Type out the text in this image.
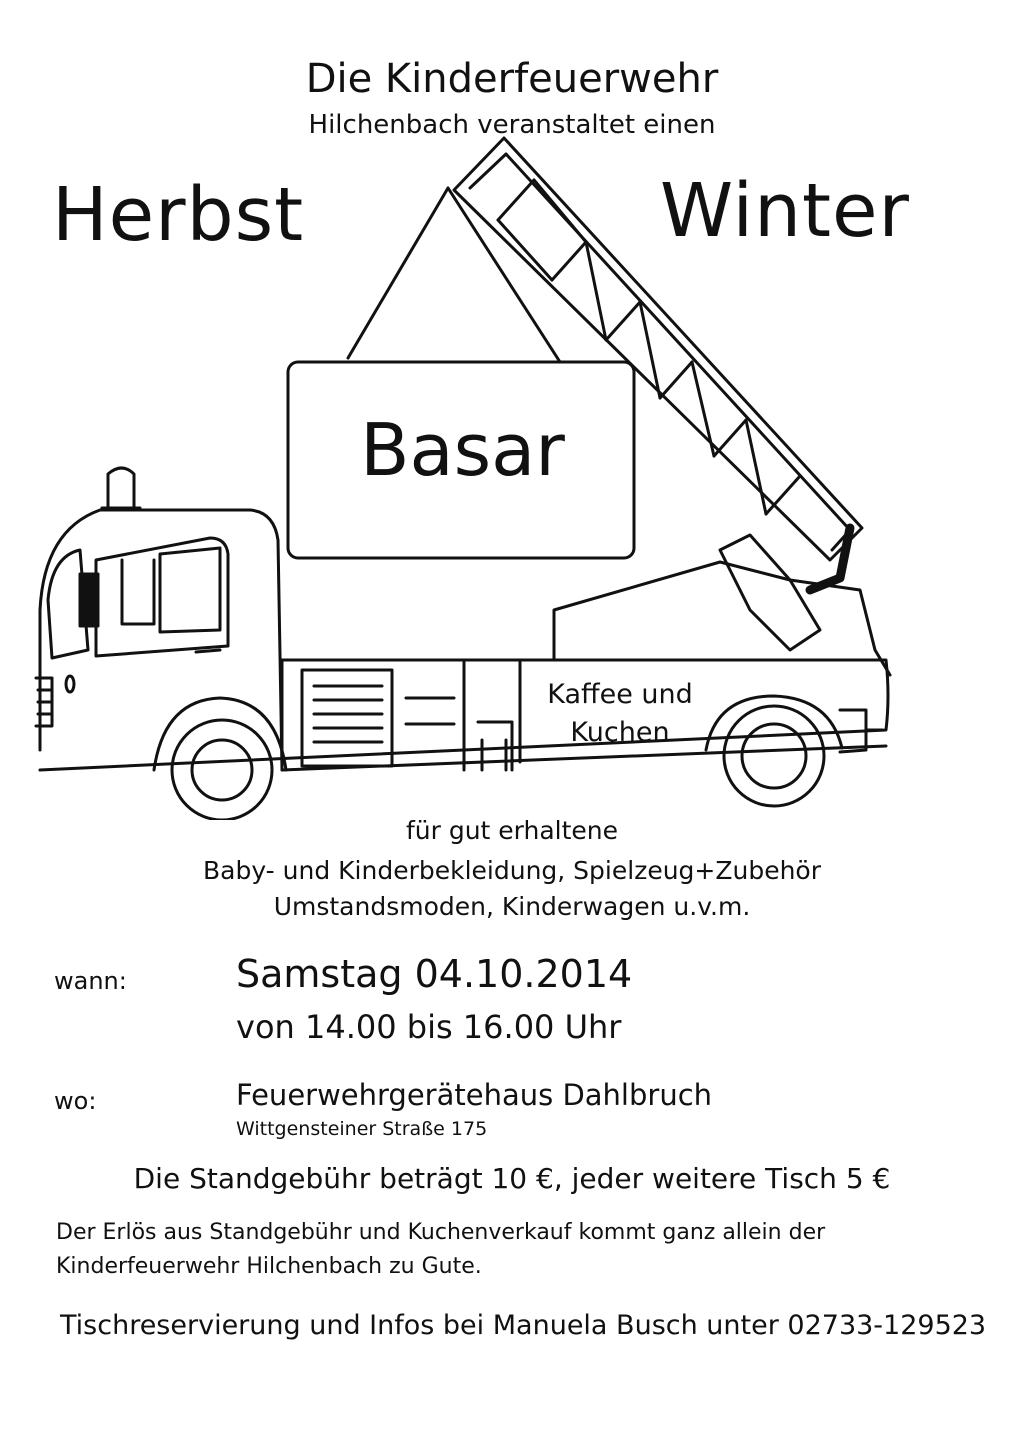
Die Kinderfeuerwehr
Hilchenbach veranstaltet einen
Herbst	Winter
Basar
Kaffee und
Kuchen
für gut erhaltene
Baby- und Kinderbekleidung, Spielzeug+Zubehör
Umstandsmoden, Kinderwagen u.v.m.
wann:	Samstag 04.10.2014
von 14.00 bis 16.00 Uhr
wo:	Feuerwehrgerätehaus Dahlbruch
Wittgensteiner Straße 175
Die Standgebühr beträgt 10 €, jeder weitere Tisch 5 €
Der Erlös aus Standgebühr und Kuchenverkauf kommt ganz allein der
Kinderfeuerwehr Hilchenbach zu Gute.
Tischreservierung und Infos bei Manuela Busch unter 02733-129523
